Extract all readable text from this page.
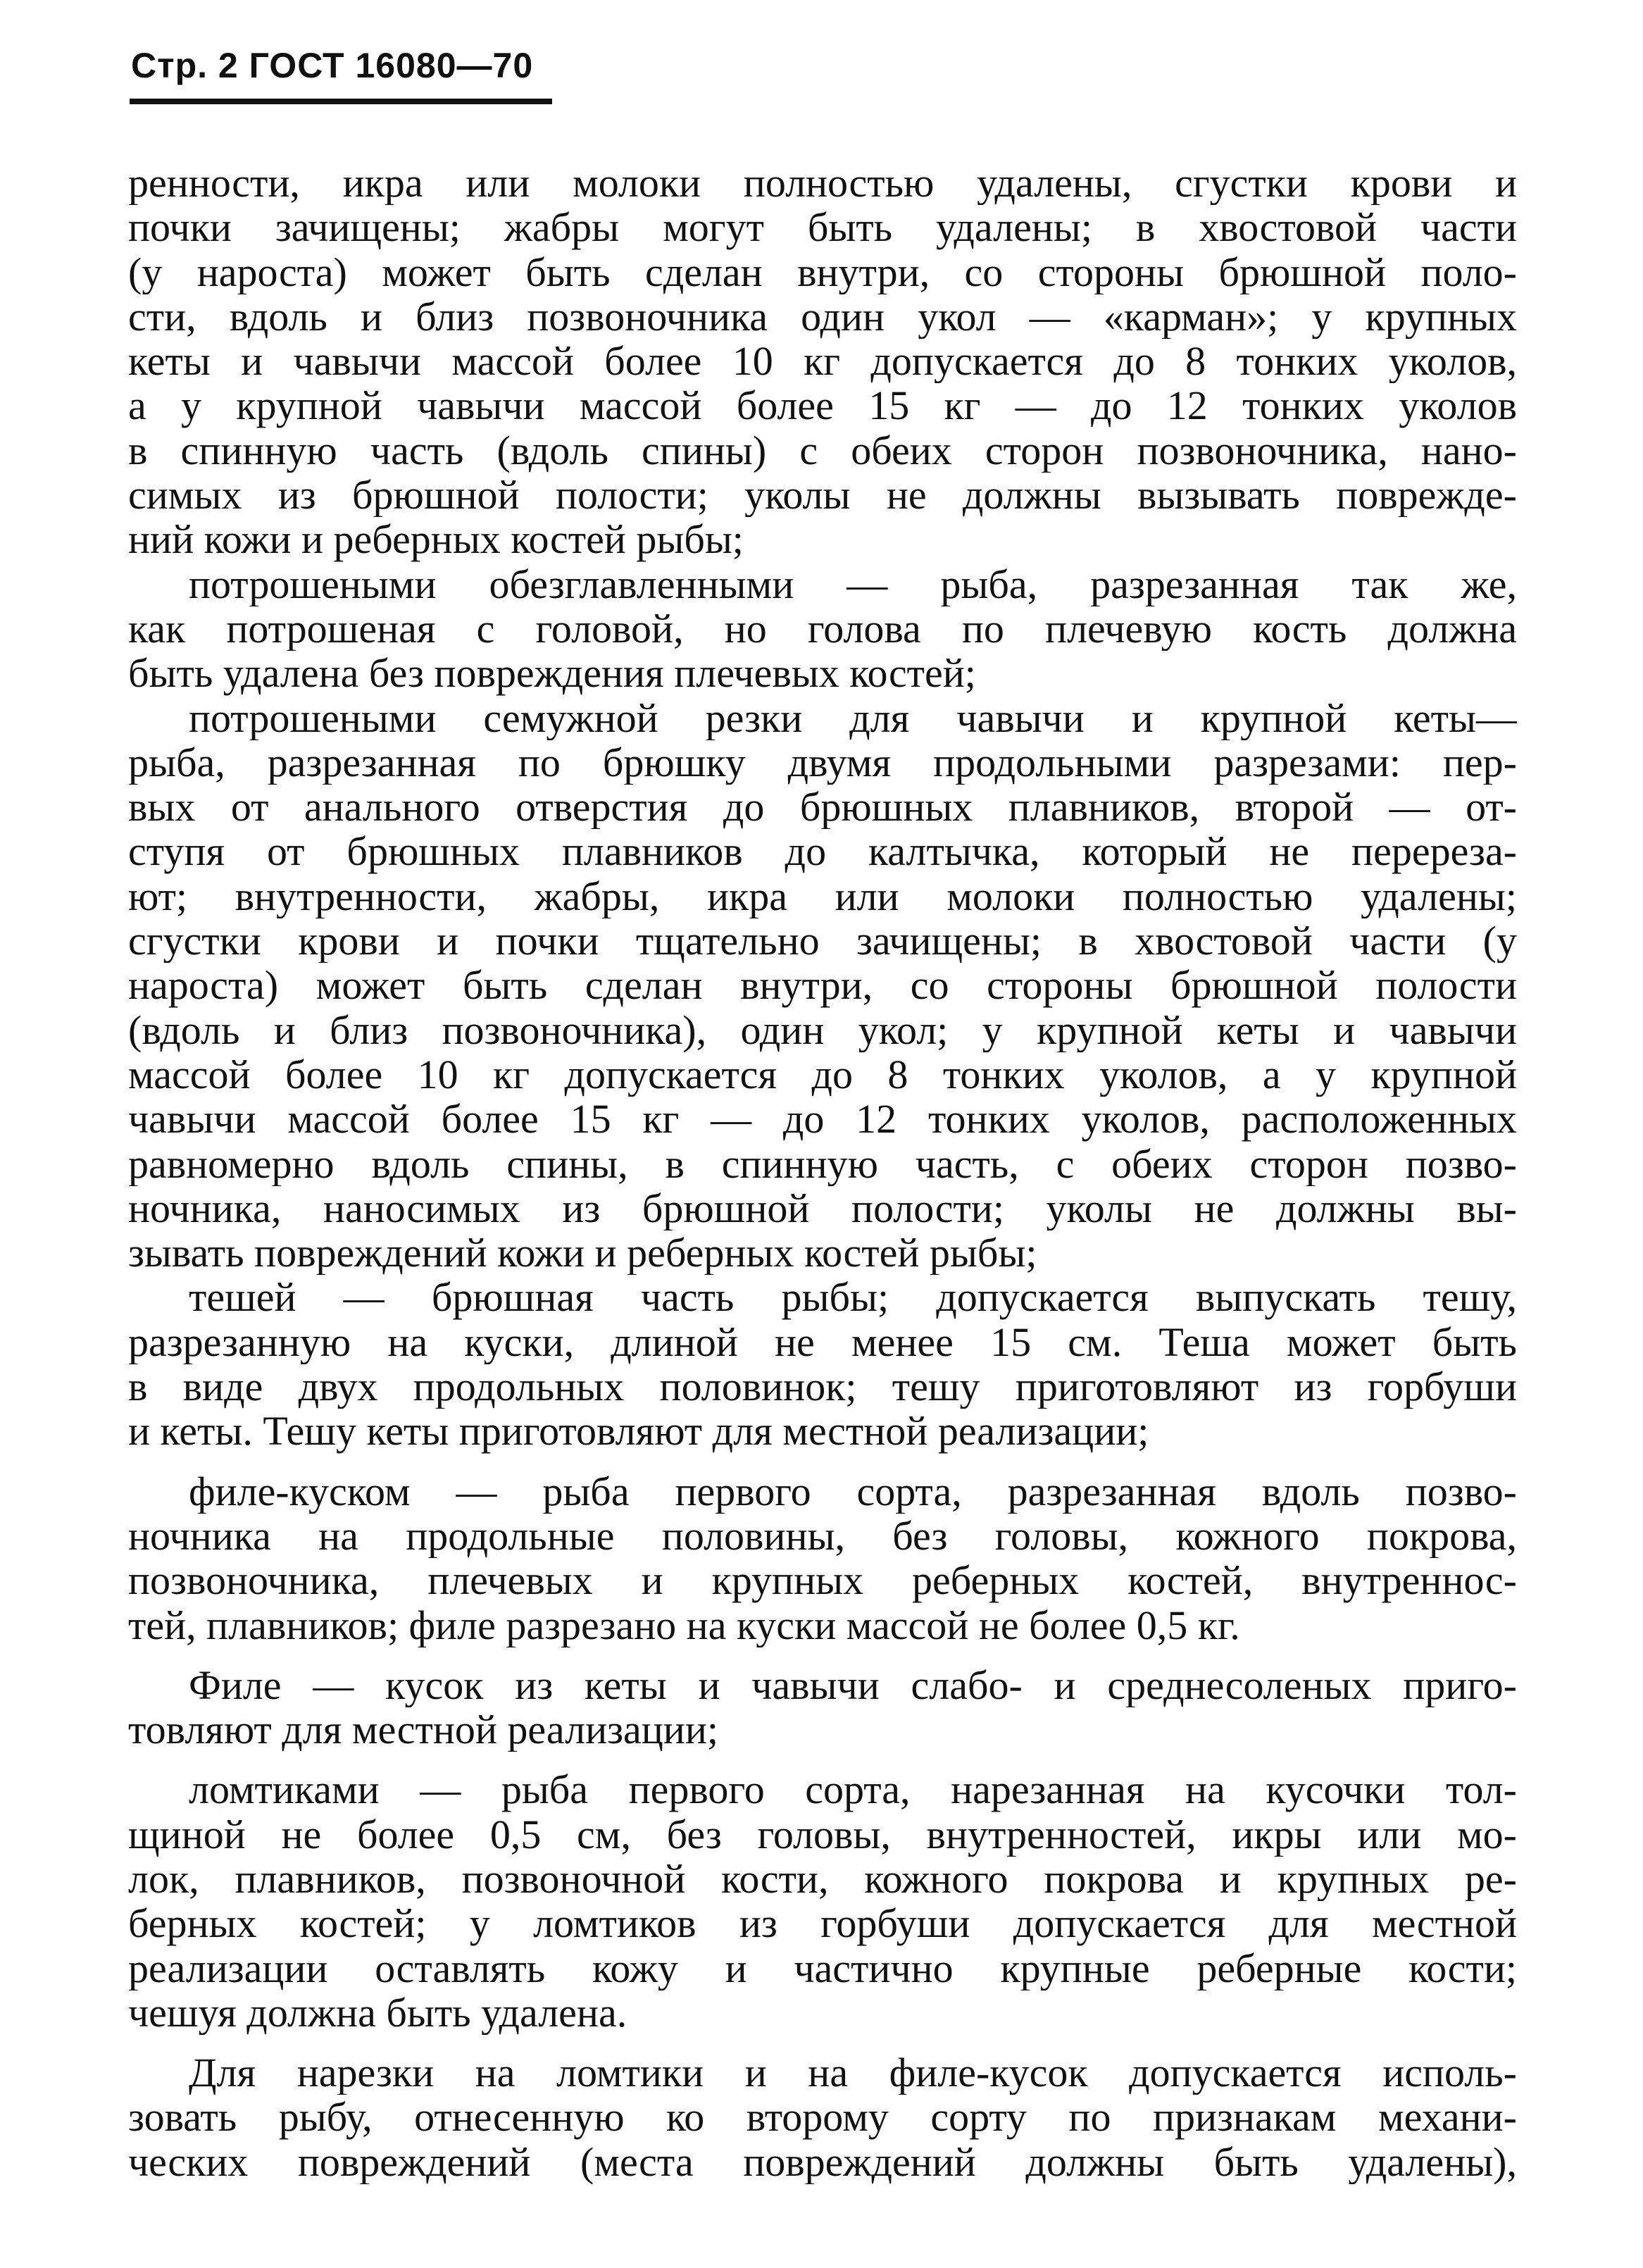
Стр. 2 ГОСТ 16080—70
ренности, икра или молоки полностью удалены, сгустки крови и
почки зачищены; жабры могут быть удалены; в хвостовой части
(у нароста) может быть сделан внутри, со стороны брюшной поло-
сти, вдоль и близ позвоночника один укол — «карман»; у крупных
кеты и чавычи массой более 10 кг допускается до 8 тонких уколов,
а у крупной чавычи массой более 15 кг — до 12 тонких уколов
в спинную часть (вдоль спины) с обеих сторон позвоночника, нано-
симых из брюшной полости; уколы не должны вызывать поврежде-
ний кожи и реберных костей рыбы;
потрошеными обезглавленными — рыба, разрезанная так же,
как потрошеная с головой, но голова по плечевую кость должна
быть удалена без повреждения плечевых костей;
потрошеными семужной резки для чавычи и крупной кеты—
рыба, разрезанная по брюшку двумя продольными разрезами: пер-
вых от анального отверстия до брюшных плавников, второй — от-
ступя от брюшных плавников до калтычка, который не перереза-
ют; внутренности, жабры, икра или молоки полностью удалены;
сгустки крови и почки тщательно зачищены; в хвостовой части (у
нароста) может быть сделан внутри, со стороны брюшной полости
(вдоль и близ позвоночника), один укол; у крупной кеты и чавычи
массой более 10 кг допускается до 8 тонких уколов, а у крупной
чавычи массой более 15 кг — до 12 тонких уколов, расположенных
равномерно вдоль спины, в спинную часть, с обеих сторон позво-
ночника, наносимых из брюшной полости; уколы не должны вы-
зывать повреждений кожи и реберных костей рыбы;
тешей — брюшная часть рыбы; допускается выпускать тешу,
разрезанную на куски, длиной не менее 15 см. Теша может быть
в виде двух продольных половинок; тешу приготовляют из горбуши
и кеты. Тешу кеты приготовляют для местной реализации;
филе-куском — рыба первого сорта, разрезанная вдоль позво-
ночника на продольные половины, без головы, кожного покрова,
позвоночника, плечевых и крупных реберных костей, внутреннос-
тей, плавников; филе разрезано на куски массой не более 0,5 кг.
Филе — кусок из кеты и чавычи слабо- и среднесоленых приго-
товляют для местной реализации;
ломтиками — рыба первого сорта, нарезанная на кусочки тол-
щиной не более 0,5 см, без головы, внутренностей, икры или мо-
лок, плавников, позвоночной кости, кожного покрова и крупных ре-
берных костей; у ломтиков из горбуши допускается для местной
реализации оставлять кожу и частично крупные реберные кости;
чешуя должна быть удалена.
Для нарезки на ломтики и на филе-кусок допускается исполь-
зовать рыбу, отнесенную ко второму сорту по признакам механи-
ческих повреждений (места повреждений должны быть удалены),
